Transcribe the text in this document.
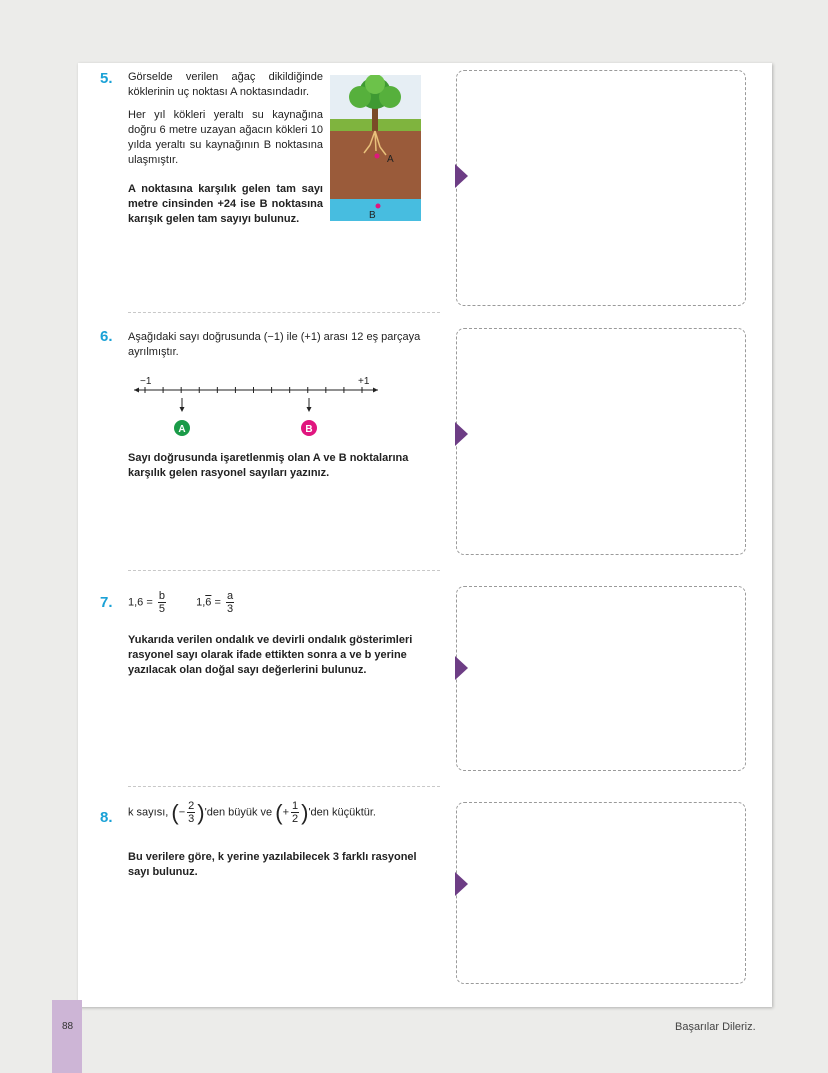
5. Görselde verilen ağaç dikildiğinde köklerinin uç noktası A noktasındadır.
Her yıl kökleri yeraltı su kaynağına doğru 6 metre uzayan ağacın kökleri 10 yılda yeraltı su kaynağının B noktasına ulaşmıştır.
A noktasına karşılık gelen tam sayı metre cinsinden +24 ise B noktasına karışık gelen tam sayıyı bulunuz.
A
B
6. Aşağıdaki sayı doğrusunda (−1) ile (+1) arası 12 eş parçaya ayrılmıştır.
−1	+1
A	B
Sayı doğrusunda işaretlenmiş olan A ve B noktalarına karşılık gelen rasyonel sayıları yazınız.
7. $1,6 = \frac{b}{5}$	$1,6 = \frac{a}{3}$
Yukarıda verilen ondalık ve devirli ondalık gösterimleri rasyonel sayı olarak ifade ettikten sonra a ve b yerine yazılacak olan doğal sayı değerlerini bulunuz.
8. k sayısı, (− $\frac{2}{3} )'den$ büyük ve (+ $\frac{1}{2} )'den$ küçüktür.
Bu verilere göre, k yerine yazılabilecek 3 farklı rasyonel sayı bulunuz.
88	Başarılar Dileriz.
